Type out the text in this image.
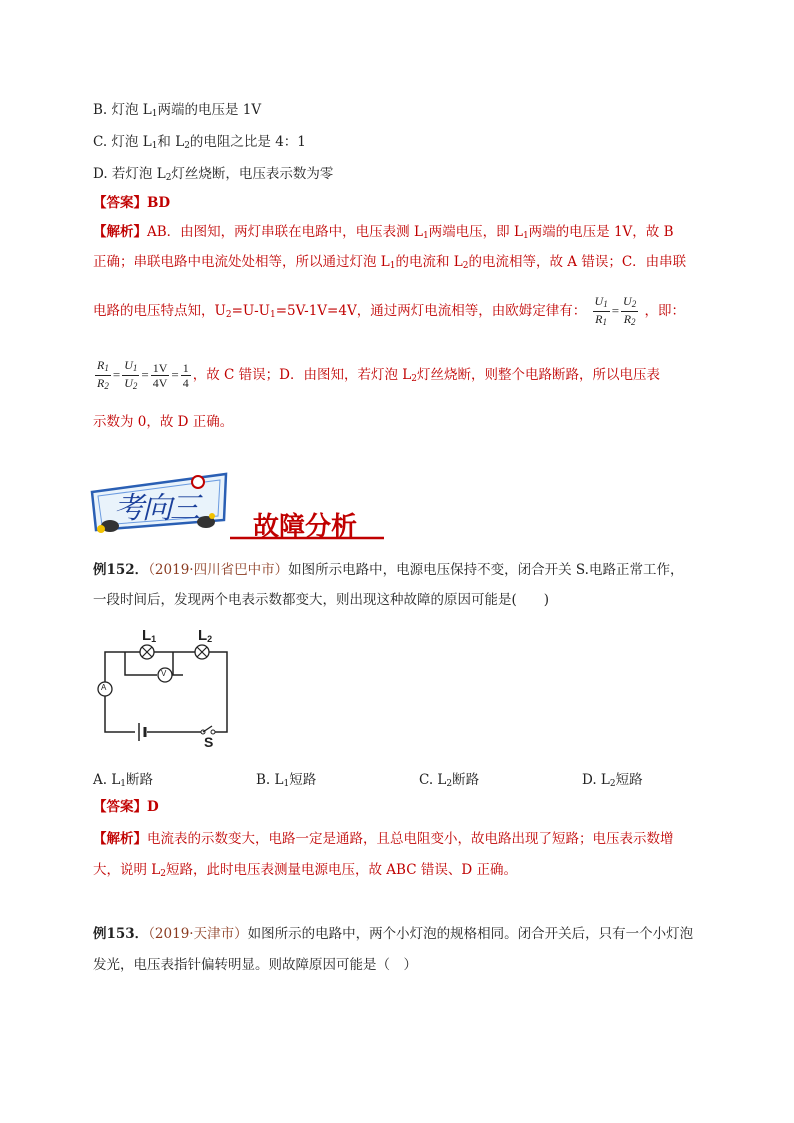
B. 灯泡 $L_1$两端的电压是 1V
C. 灯泡 $L_1$和 $L_2$的电阻之比是 4：1
D. 若灯泡 $L_2$灯丝烧断，电压表示数为零
【答案】BD
【解析】AB．由图知，两灯串联在电路中，电压表测 $L_1$两端电压，即 $L_1$两端的电压是 1V，故 B
正确；串联电路中电流处处相等，所以通过灯泡 $L_1$的电流和 $L_2$的电流相等，故 A 错误；C．由串联
电路的电压特点知，$U_2=U-U_1=5V-1V=4V$，通过两灯电流相等，由欧姆定律有： $\frac{U_1}{R_1} = \frac{U_2}{R_2}$ ，即：
$\frac{R_1}{R_2} = \frac{U_1}{U_2} = \frac{1V}{4V} = \frac{1}{4}$ ，故 C 错误；D．由图知，若灯泡 $L_2$灯丝烧断，则整个电路断路，所以电压表
示数为 0，故 D 正确。
考向三
故障分析
例152．（2019·四川省巴中市）如图所示电路中，电源电压保持不变，闭合开关 S.电路正常工作，
一段时间后，发现两个电表示数都变大，则出现这种故障的原因可能是(　　)
$L_1$	$L_2$
V
A
S
A. $L_1$断路	B. $L_1$短路	C. $L_2$断路	D. $L_2$短路
【答案】D
【解析】电流表的示数变大，电路一定是通路，且总电阻变小，故电路出现了短路；电压表示数增
大，说明 $L_2$短路，此时电压表测量电源电压，故 ABC 错误、D 正确。
例153．（2019·天津市）如图所示的电路中，两个小灯泡的规格相同。闭合开关后，只有一个小灯泡
发光，电压表指针偏转明显。则故障原因可能是（　）
